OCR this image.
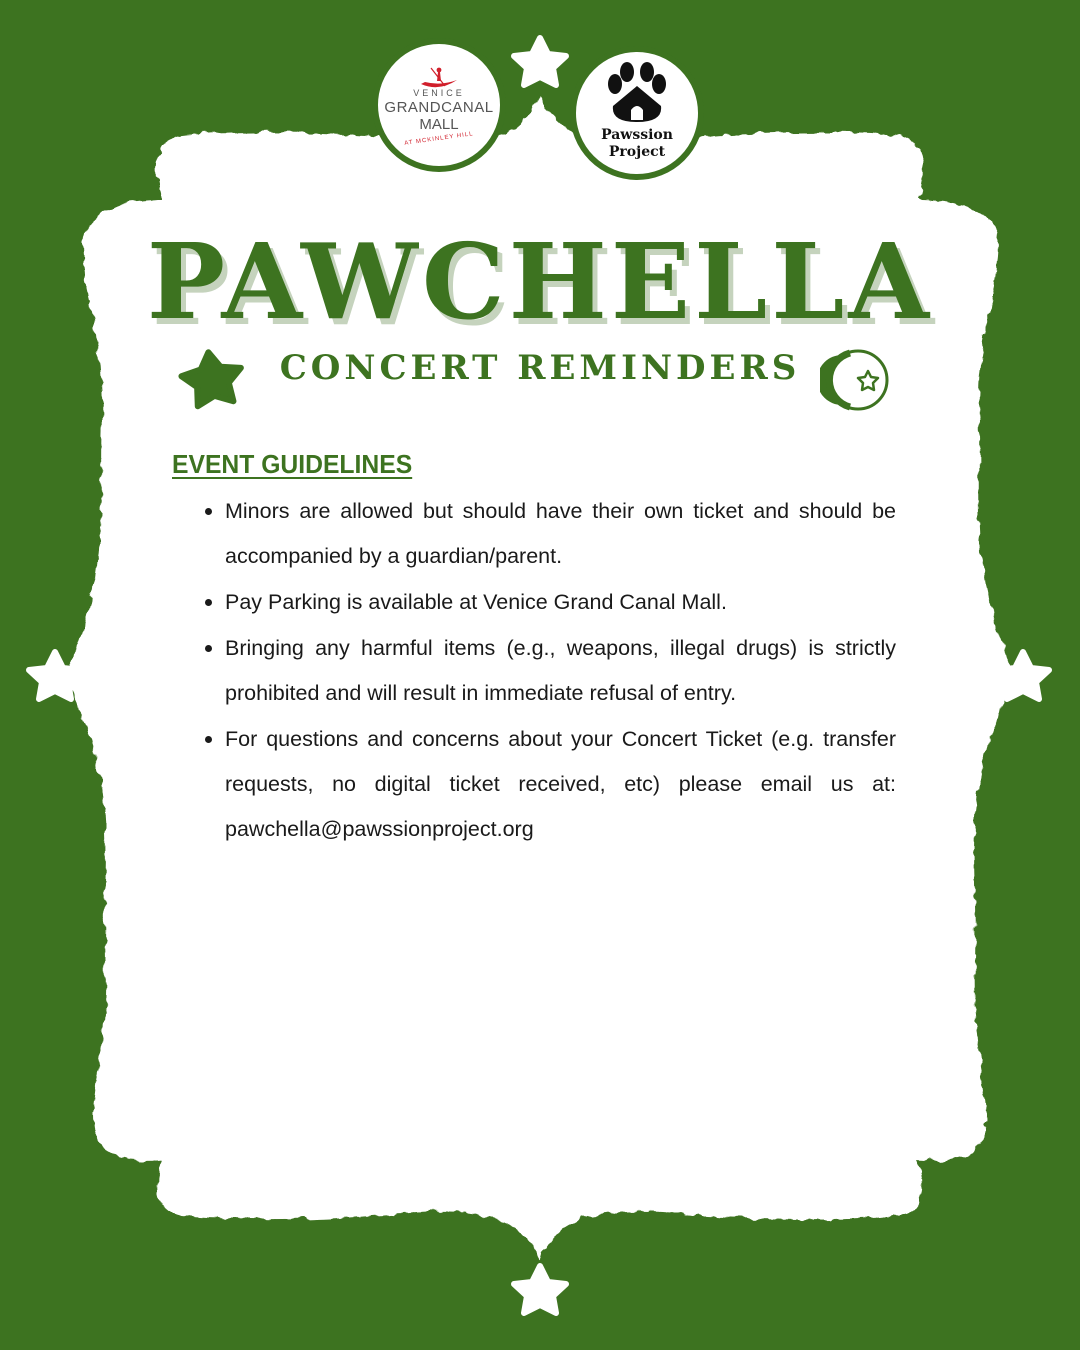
VENICE
GRANDCANAL
MALL
AT MCKINLEY HILL	Pawssion
Project
PAWCHELLA
CONCERT REMINDERS
EVENT GUIDELINES
• Minors are allowed but should have their own ticket and should be accompanied by a guardian/parent.
• Pay Parking is available at Venice Grand Canal Mall.
• Bringing any harmful items (e.g., weapons, illegal drugs) is strictly prohibited and will result in immediate refusal of entry.
• For questions and concerns about your Concert Ticket (e.g. transfer requests, no digital ticket received, etc) please email us at: pawchella@pawssionproject.org
